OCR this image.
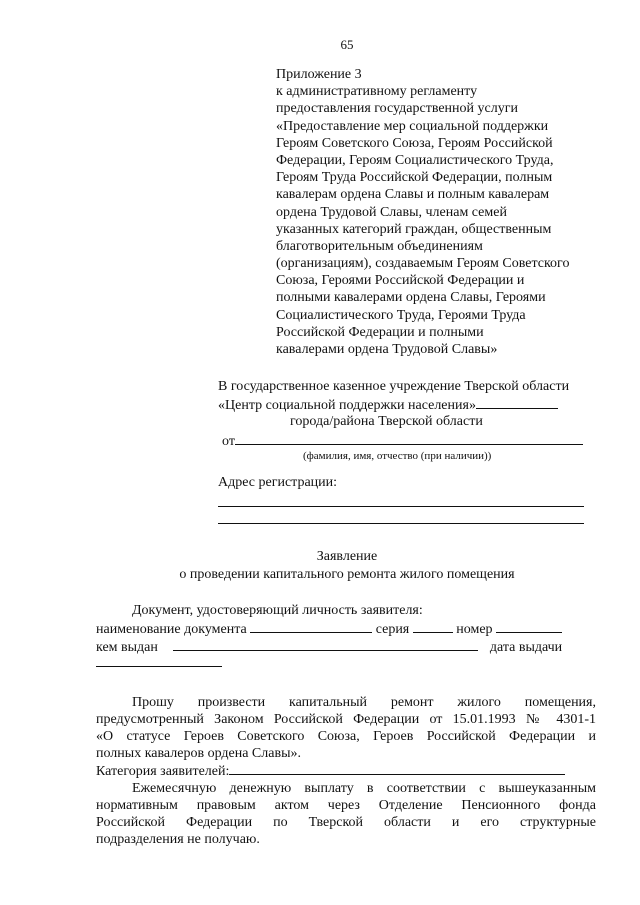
65
Приложение 3
к административному регламенту
предоставления государственной услуги
«Предоставление мер социальной поддержки
Героям Советского Союза, Героям Российской
Федерации, Героям Социалистического Труда,
Героям Труда Российской Федерации, полным
кавалерам ордена Славы и полным кавалерам
ордена Трудовой Славы, членам семей
указанных категорий граждан, общественным
благотворительным объединениям
(организациям), создаваемым Героям Советского
Союза, Героями Российской Федерации и
полными кавалерами ордена Славы, Героями
Социалистического Труда, Героями Труда
Российской Федерации и полными
кавалерами ордена Трудовой Славы»
В государственное казенное учреждение Тверской области
«Центр социальной поддержки населения»
города/района Тверской области
от
(фамилия, имя, отчество (при наличии))
Адрес регистрации:
Заявление
о проведении капитального ремонта жилого помещения
Документ, удостоверяющий личность заявителя:
наименование документа	серия	номер
кем выдан	дата выдачи
Прошу произвести капитальный ремонт жилого помещения,
предусмотренный Законом Российской Федерации от 15.01.1993 № 4301-1
«О статусе Героев Советского Союза, Героев Российской Федерации и
полных кавалеров ордена Славы».
Категория заявителей:
Ежемесячную денежную выплату в соответствии с вышеуказанным
нормативным правовым актом через Отделение Пенсионного фонда
Российской Федерации по Тверской области и его структурные
подразделения не получаю.
